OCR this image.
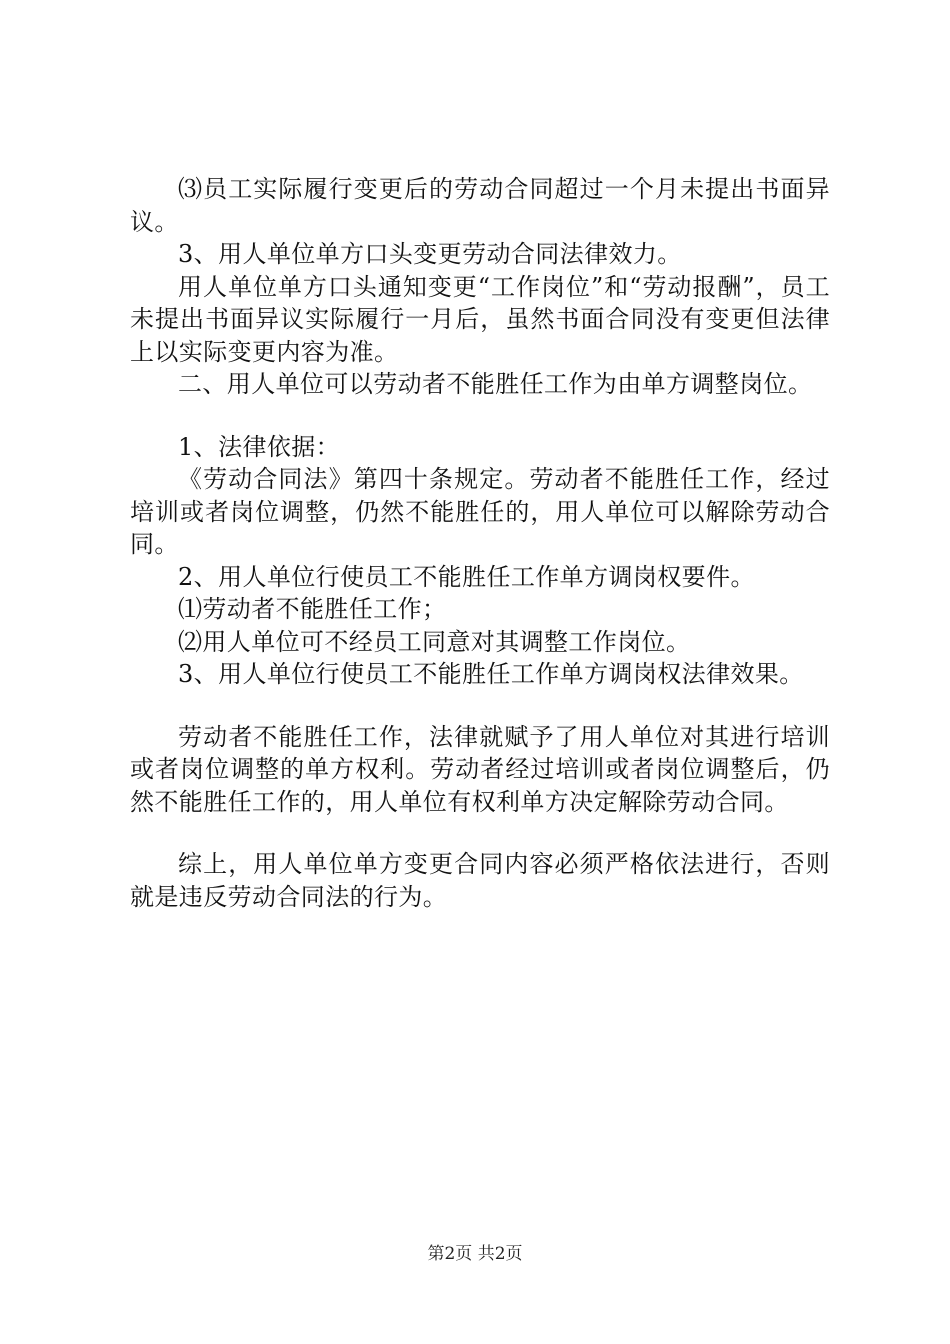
⑶员工实际履行变更后的劳动合同超过一个月未提出书面异议。

3、用人单位单方口头变更劳动合同法律效力。

用人单位单方口头通知变更“工作岗位”和“劳动报酬”，员工未提出书面异议实际履行一月后，虽然书面合同没有变更但法律上以实际变更内容为准。

二、用人单位可以劳动者不能胜任工作为由单方调整岗位。

1、法律依据：

《劳动合同法》第四十条规定。劳动者不能胜任工作，经过培训或者岗位调整，仍然不能胜任的，用人单位可以解除劳动合同。

2、用人单位行使员工不能胜任工作单方调岗权要件。

⑴劳动者不能胜任工作；

⑵用人单位可不经员工同意对其调整工作岗位。

3、用人单位行使员工不能胜任工作单方调岗权法律效果。

劳动者不能胜任工作，法律就赋予了用人单位对其进行培训或者岗位调整的单方权利。劳动者经过培训或者岗位调整后，仍然不能胜任工作的，用人单位有权利单方决定解除劳动合同。

综上，用人单位单方变更合同内容必须严格依法进行，否则就是违反劳动合同法的行为。

第2页 共2页
